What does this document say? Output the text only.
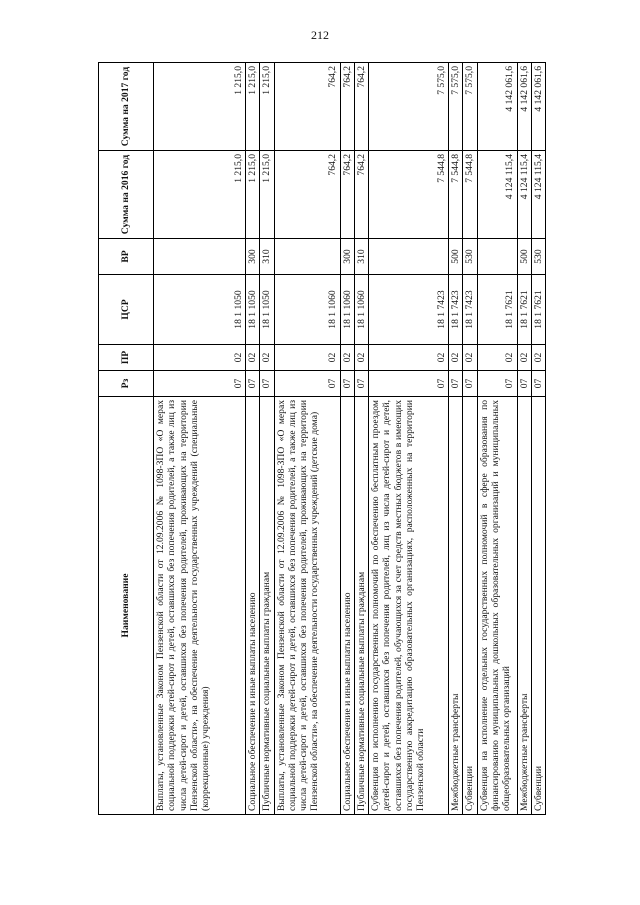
212
Наименование	Рз	ПР	ЦСР	ВР	Сумма на 2016 год	Сумма на 2017 год
Выплаты, установленные Законом Пензенской области от 12.09.2006 № 1098-ЗПО «О мерах социальной поддержки детей-сирот и детей, оставшихся без попечения родителей, а также лиц из числа детей-сирот и детей, оставшихся без попечения родителей, проживающих на территории Пензенской области», на обеспечение деятельности государственных учреждений (специальные (коррекционные) учреждения)	07	02	18 1 1050		1 215,0	1 215,0
Социальное обеспечение и иные выплаты населению	07	02	18 1 1050	300	1 215,0	1 215,0
Публичные нормативные социальные выплаты гражданам	07	02	18 1 1050	310	1 215,0	1 215,0
Выплаты, установленные Законом Пензенской области от 12.09.2006 № 1098-ЗПО «О мерах социальной поддержки детей-сирот и детей, оставшихся без попечения родителей, а также лиц из числа детей-сирот и детей, оставшихся без попечения родителей, проживающих на территории Пензенской области», на обеспечение деятельности государственных учреждений (детские дома)	07	02	18 1 1060		764,2	764,2
Социальное обеспечение и иные выплаты населению	07	02	18 1 1060	300	764,2	764,2
Публичные нормативные социальные выплаты гражданам	07	02	18 1 1060	310	764,2	764,2
Субвенция по исполнению государственных полномочий по обеспечению бесплатным проездом детей-сирот и детей, оставшихся без попечения родителей, лиц из числа детей-сирот и детей, оставшихся без попечения родителей, обучающихся за счет средств местных бюджетов в имеющих государственную аккредитацию образовательных организациях, расположенных на территории Пензенской области	07	02	18 1 7423		7 544,8	7 575,0
Межбюджетные трансферты	07	02	18 1 7423	500	7 544,8	7 575,0
Субвенции	07	02	18 1 7423	530	7 544,8	7 575,0
Субвенция на исполнение отдельных государственных полномочий в сфере образования по финансированию муниципальных дошкольных образовательных организаций и муниципальных общеобразовательных организаций	07	02	18 1 7621		4 124 115,4	4 142 061,6
Межбюджетные трансферты	07	02	18 1 7621	500	4 124 115,4	4 142 061,6
Субвенции	07	02	18 1 7621	530	4 124 115,4	4 142 061,6
